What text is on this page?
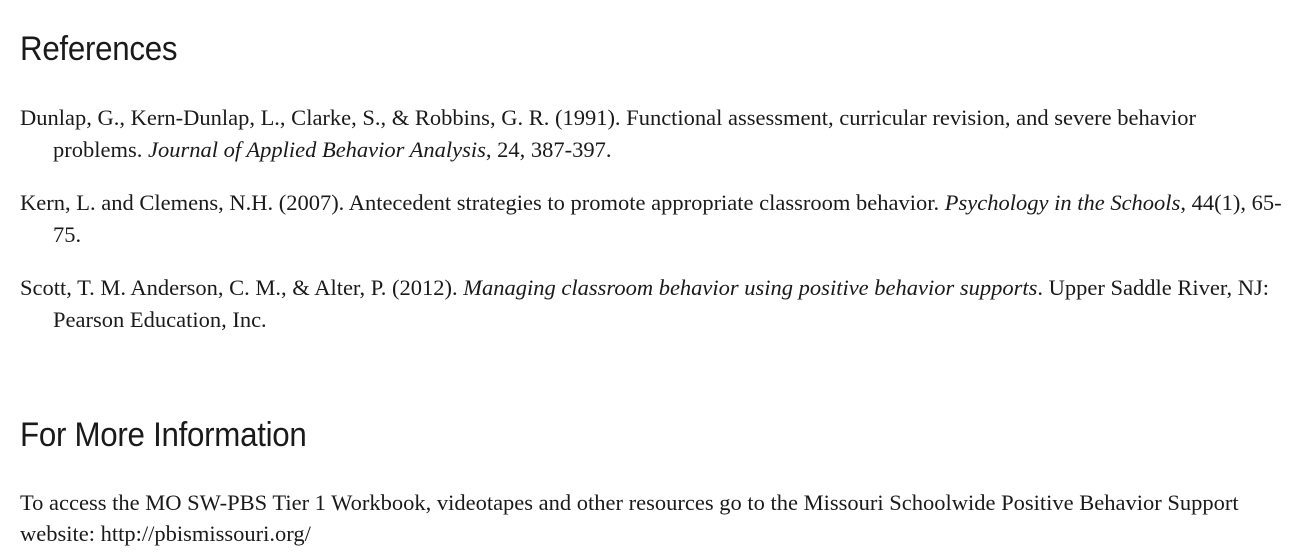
References
Dunlap, G., Kern-Dunlap, L., Clarke, S., & Robbins, G. R. (1991). Functional assessment, curricular revision, and severe behavior problems. Journal of Applied Behavior Analysis, 24, 387-397.
Kern, L. and Clemens, N.H. (2007). Antecedent strategies to promote appropriate classroom behavior. Psychology in the Schools, 44(1), 65-75.
Scott, T. M. Anderson, C. M., & Alter, P. (2012). Managing classroom behavior using positive behavior supports. Upper Saddle River, NJ: Pearson Education, Inc.
For More Information

To access the MO SW-PBS Tier 1 Workbook, videotapes and other resources go to the Missouri Schoolwide Positive Behavior Support website: http://pbismissouri.org/
